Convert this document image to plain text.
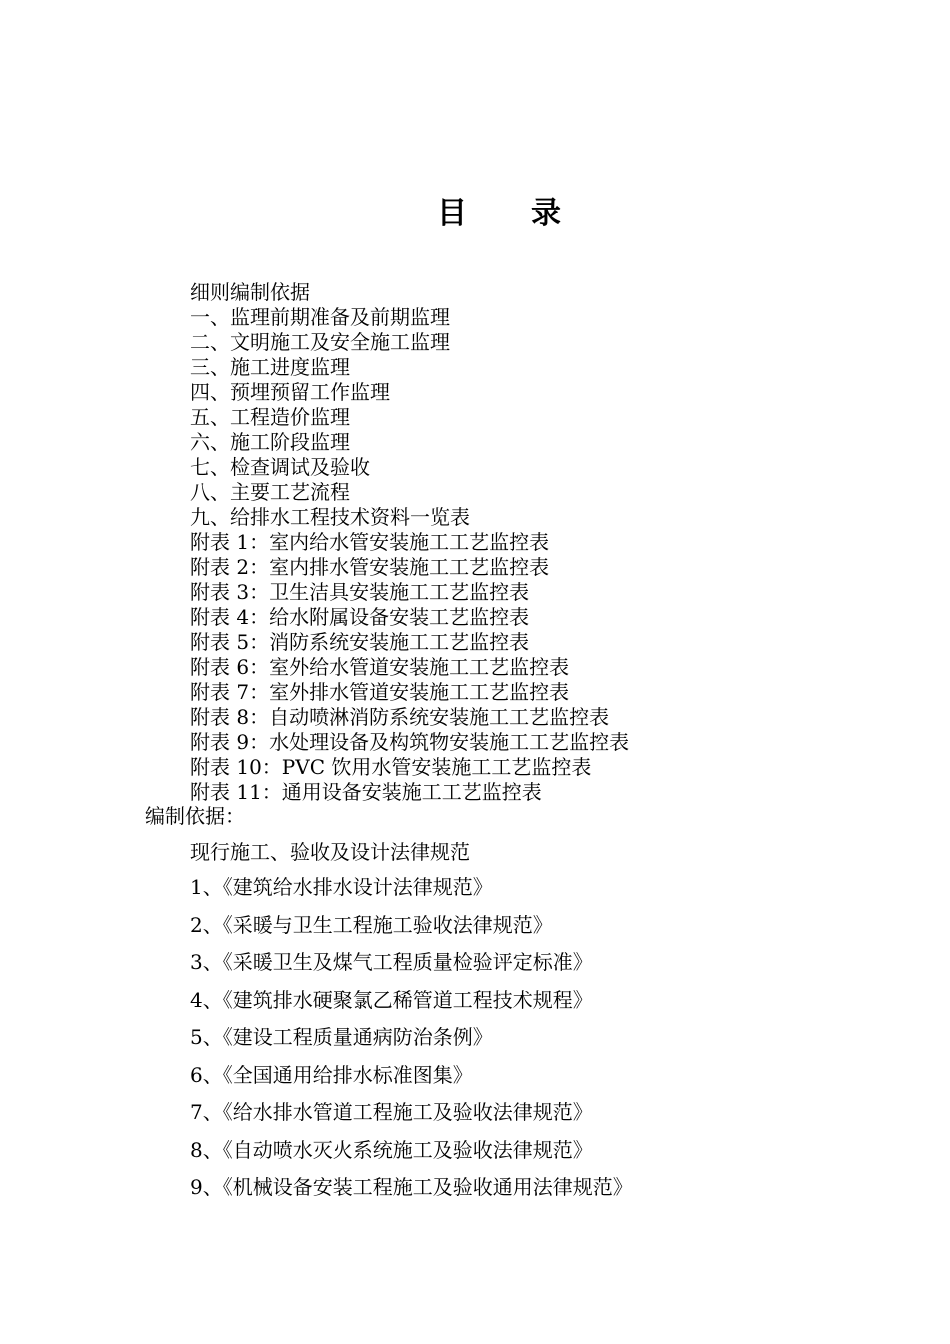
目 录
细则编制依据
一、监理前期准备及前期监理
二、文明施工及安全施工监理
三、施工进度监理
四、预埋预留工作监理
五、工程造价监理
六、施工阶段监理
七、检查调试及验收
八、主要工艺流程
九、给排水工程技术资料一览表
附表 1：室内给水管安装施工工艺监控表
附表 2：室内排水管安装施工工艺监控表
附表 3：卫生洁具安装施工工艺监控表
附表 4：给水附属设备安装工艺监控表
附表 5：消防系统安装施工工艺监控表
附表 6：室外给水管道安装施工工艺监控表
附表 7：室外排水管道安装施工工艺监控表
附表 8：自动喷淋消防系统安装施工工艺监控表
附表 9：水处理设备及构筑物安装施工工艺监控表
附表 10：PVC 饮用水管安装施工工艺监控表
附表 11：通用设备安装施工工艺监控表
编制依据：
现行施工、验收及设计法律规范
1、《建筑给水排水设计法律规范》
2、《采暖与卫生工程施工验收法律规范》
3、《采暖卫生及煤气工程质量检验评定标准》
4、《建筑排水硬聚氯乙稀管道工程技术规程》
5、《建设工程质量通病防治条例》
6、《全国通用给排水标准图集》
7、《给水排水管道工程施工及验收法律规范》
8、《自动喷水灭火系统施工及验收法律规范》
9、《机械设备安装工程施工及验收通用法律规范》
